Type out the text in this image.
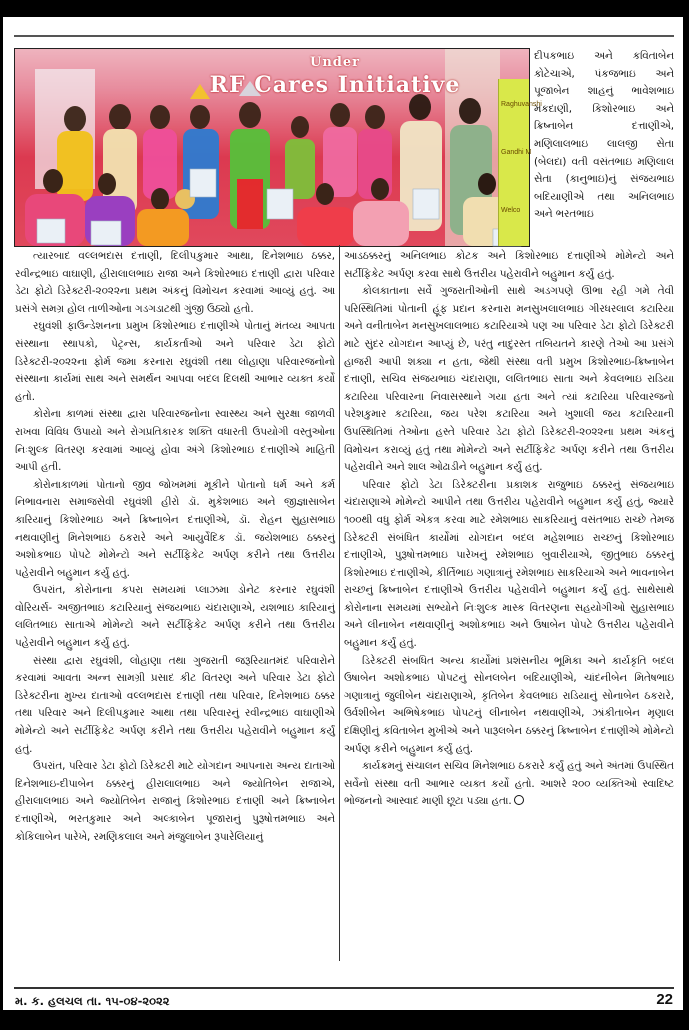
Under
RF Cares Initiative
Raghuvanshi
Gandhi M
Welco

દીપકભાઇ અને કવિતાબેન કોટેચાએ, પંકજભાઇ અને પૂજાબેન શાહનું ભાવેશભાઇ મકદાણી, કિશોરભાઇ અને ક્રિષ્નાબેન દત્તાણીએ, મણિલાલભાઇ લાલજી સેતા (બેલદા) વતી વસંતભાઇ મણિલાલ સેતા (કાનુભાઇ)નું સંજયભાઇ બદિયાણીએ તથા અનિલભાઇ અને ભરતભાઇ

ત્યારબાદ વલ્લભદાસ દત્તાણી, દિલીપકુમાર આથા, દિનેશભાઇ ઠક્કર, રવીન્દ્રભાઇ વાઘાણી, હીરાલાલભાઇ રાજા અને કિશોરભાઇ દત્તાણી દ્વારા પરિવાર ડેટા ફોટો ડિરેક્ટરી-૨૦૨૨ના પ્રથમ અંકનું વિમોચન કરવામાં આવ્યું હતું. આ પ્રસંગે સમગ્ર હોલ તાળીઓના ગડગડાટથી ગુંજી ઉઠ્યો હતો.

રઘુવંશી ફાઉન્ડેશનના પ્રમુખ કિશોરભાઇ દત્તાણીએ પોતાનું મંતવ્ય આપતા સંસ્થાના સ્થાપકો, પેટ્રન્સ, કાર્યકર્તાઓ અને પરિવાર ડેટા ફોટો ડિરેક્ટરી-૨૦૨૨ના ફોર્મ જમા કરનારા રઘુવંશી તથા લોહાણા પરિવારજનોનો સંસ્થાના કાર્યમાં સાથ અને સમર્થન આપવા બદલ દિલથી આભાર વ્યક્ત કર્યો હતો.

કોરોના કાળમાં સંસ્થા દ્વારા પરિવારજનોના સ્વાસ્થ્ય અને સુરક્ષા જાળવી રાખવા વિવિધ ઉપાયો અને રોગપ્રતિકારક શક્તિ વધારતી ઉપયોગી વસ્તુઓના નિઃશુલ્ક વિતરણ કરવામાં આવ્યું હોવા અંગે કિશોરભાઇ દત્તાણીએ માહિતી આપી હતી.

કોરોનાકાળમાં પોતાનો જીવ જોખમમાં મૂકીને પોતાનો ધર્મ અને કર્મ નિભાવનારા સમાજસેવી રઘુવંશી હીરો ડૉ. મુકેશભાઇ અને જીજ્ઞાસાબેન કારિયાનું કિશોરભાઇ અને ક્રિષ્નાબેન દત્તાણીએ, ડૉ. રોહન સુહાસભાઇ નથવાણીનું મિનેશભાઇ ઠકરારે અને આયુર્વેદિક ડૉ. જયેશભાઇ ઠક્કરનું અશોકભાઇ પોપટે મોમેન્ટો અને સર્ટીફિકેટ અર્પણ કરીને તથા ઉત્તરીય પહેરાવીને બહુમાન કર્યું હતું.

ઉપરાંત, કોરોનાના કપરા સમયમાં પ્લાઝમા ડોનેટ કરનાર રઘુવંશી વોરિયર્સ- અજીતભાઇ કટારિયાનું સંજયભાઇ ચંદારાણાએ, યશભાઇ કારિયાનું લલિતભાઇ સાતાએ મોમેન્ટો અને સર્ટીફિકેટ અર્પણ કરીને તથા ઉત્તરીય પહેરાવીને બહુમાન કર્યું હતું.

સંસ્થા દ્વારા રઘુવંશી, લોહાણા તથા ગુજરાતી જરૂરિયાતમંદ પરિવારોને કરવામાં આવતા અન્ન સામગ્રી પ્રસાદ કીટ વિતરણ અને પરિવાર ડેટા ફોટો ડિરેક્ટરીના મુખ્ય દાતાઓ વલ્લભદાસ દત્તાણી તથા પરિવાર, દિનેશભાઇ ઠક્કર તથા પરિવાર અને દિલીપકુમાર આથા તથા પરિવારનું રવીન્દ્રભાઇ વાઘાણીએ મોમેન્ટો અને સર્ટીફિકેટ અર્પણ કરીને તથા ઉત્તરીય પહેરાવીને બહુમાન કર્યું હતું.

ઉપરાંત, પરિવાર ડેટા ફોટો ડિરેક્ટરી માટે યોગદાન આપનારા અન્ય દાતાઓ દિનેશભાઇ-દીપાબેન ઠક્કરનું હીરાલાલભાઇ અને જ્યોતિબેન રાજાએ, હીરાલાલભાઇ અને જ્યોતિબેન રાજાનું કિશોરભાઇ દત્તાણી અને ક્રિષ્નાબેન દત્તાણીએ, ભરતકુમાર અને અલ્કાબેન પૂજારાનું પુરૂષોત્તમભાઇ અને કોકિલાબેન પારેખે, રમણિકલાલ અને મંજુલાબેન રૂપારેલિયાનું

આડઠક્કરનું અનિલભાઇ કોટક અને કિશોરભાઇ દત્તાણીએ મોમેન્ટો અને સર્ટીફિકેટ અર્પણ કરવા સાથે ઉત્તરીય પહેરાવીને બહુમાન કર્યું હતું.

કોલકાતાના સર્વે ગુજરાતીઓની સાથે અડગપણે ઊભા રહી ગમે તેવી પરિસ્થિતિમાં પોતાની હૂંફ પ્રદાન કરનારા મનસુખલાલભાઇ ગીરધરલાલ કટારિયા અને વનીતાબેન મનસુખલાલભાઇ કટારિયાએ પણ આ પરિવાર ડેટા ફોટો ડિરેક્ટરી માટે સુંદર યોગદાન આપ્યું છે, પરંતુ નાદુરસ્ત તબિયતને કારણે તેઓ આ પ્રસંગે હાજરી આપી શક્યા ન હતા, જેથી સંસ્થા વતી પ્રમુખ કિશોરભાઇ-ક્રિષ્નાબેન દત્તાણી, સચિવ સંજયભાઇ ચંદારાણા, લલિતભાઇ સાતા અને કેવલભાઇ રાડિયા કટારિયા પરિવારના નિવાસસ્થાને ગયા હતા અને ત્યાં કટારિયા પરિવારજનો પરેશકુમાર કટારિયા, જય પરેશ કટારિયા અને ખુશાલી જય કટારિયાની ઉપસ્થિતિમાં તેઓના હસ્તે પરિવાર ડેટા ફોટો ડિરેક્ટરી-૨૦૨૨ના પ્રથમ અંકનું વિમોચન કરાવ્યું હતું તથા મોમેન્ટો અને સર્ટીફિકેટ અર્પણ કરીને તથા ઉત્તરીય પહેરાવીને અને શાલ ઓઢાડીને બહુમાન કર્યું હતું.

પરિવાર ફોટો ડેટા ડિરેક્ટરીના પ્રકાશક રાજુભાઇ ઠક્કરનું સંજયભાઇ ચંદારાણાએ મોમેન્ટો આપીને તથા ઉત્તરીય પહેરાવીને બહુમાન કર્યું હતું, જ્યારે ૧૦૦થી વધુ ફોર્મ એકત્ર કરવા માટે રમેશભાઇ સાકરિયાનું વસંતભાઇ રાચ્છે તેમજ ડિરેક્ટરી સંબંધિત કાર્યોમાં યોગદાન બદલ મહેશભાઇ રાચ્છનું કિશોરભાઇ દત્તાણીએ, પુરૂષોત્તમભાઇ પારેખનું રમેશભાઇ બુવારીયાએ, જીતુભાઇ ઠક્કરનું કિશોરભાઇ દત્તાણીએ, કીર્તિભાઇ ગણાત્રાનું રમેશભાઇ સાકરિયાએ અને ભાવનાબેન રાચ્છનું ક્રિષ્નાબેન દત્તાણીએ ઉત્તરીય પહેરાવીને બહુમાન કર્યું હતું. સાથેસાથે કોરોનાના સમયમાં સભ્યોને નિઃશુલ્ક માસ્ક વિતરણના સહયોગીઓ સુહાસભાઇ અને લીનાબેન નથવાણીનું અશોકભાઇ અને ઉષાબેન પોપટે ઉત્તરીય પહેરાવીને બહુમાન કર્યું હતું.

ડિરેક્ટરી સંબધિત અન્ય કાર્યોમાં પ્રશંસનીય ભૂમિકા અને કાર્યકૃતિ બદલ ઉષાબેન અશોકભાઇ પોપટનું સોનલબેન બદિયાણીએ, ચાંદનીબેન મિતેષભાઇ ગણાત્રાનું જુલીબેન ચંદારાણાએ, કૃતિબેન કેવલભાઇ રાડિયાનું સોનાબેન ઠકરારે, ઉર્વશીબેન અભિષેકભાઇ પોપટનું લીનાબેન નથવાણીએ, ઝાંકીતાબેન મૃણાલ દક્ષિણીનું કવિતાબેન મુખીએ અને પારૂલબેન ઠક્કરનું ક્રિષ્નાબેન દત્તાણીએ મોમેન્ટો અર્પણ કરીને બહુમાન કર્યું હતું.

કાર્યક્રમનું સંચાલન સચિવ મિનેશભાઇ ઠકરારે કર્યું હતું અને અંતમાં ઉપસ્થિત સર્વેનો સંસ્થા વતી આભાર વ્યક્ત કર્યો હતો. આશરે ૨૦૦ વ્યક્તિઓ સ્વાદિષ્ટ ભોજનનો આસ્વાદ માણી છૂટા પડ્યા હતા.

મ. ક. હલચલ તા. ૧૫-૦૪-૨૦૨૨	22
